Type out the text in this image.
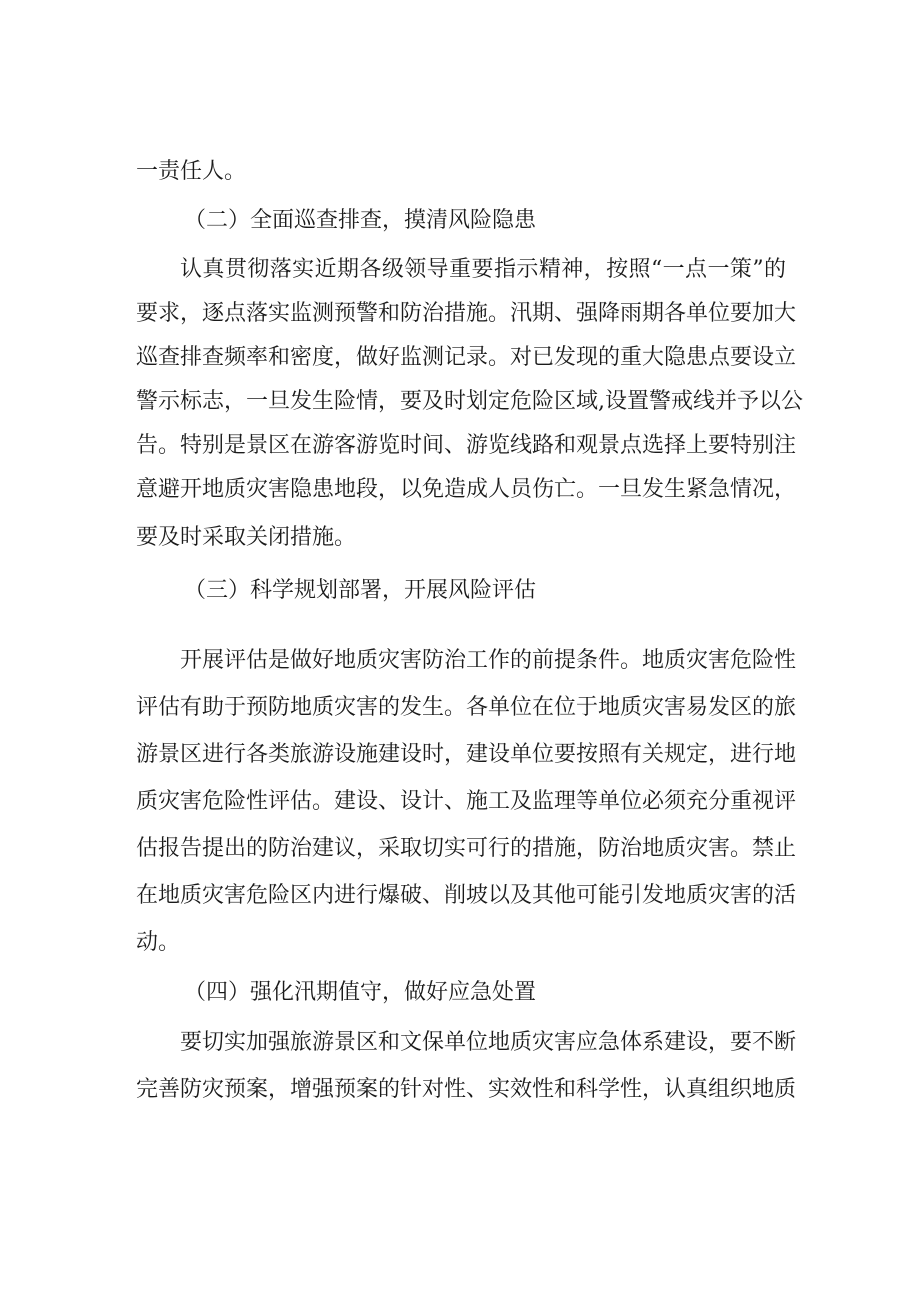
一责任人。
（二）全面巡查排查，摸清风险隐患
认真贯彻落实近期各级领导重要指示精神，按照“一点一策”的
要求，逐点落实监测预警和防治措施。汛期、强降雨期各单位要加大
巡查排查频率和密度，做好监测记录。对已发现的重大隐患点要设立
警示标志，一旦发生险情，要及时划定危险区域,设置警戒线并予以公
告。特别是景区在游客游览时间、游览线路和观景点选择上要特别注
意避开地质灾害隐患地段，以免造成人员伤亡。一旦发生紧急情况，
要及时采取关闭措施。
（三）科学规划部署，开展风险评估
开展评估是做好地质灾害防治工作的前提条件。地质灾害危险性
评估有助于预防地质灾害的发生。各单位在位于地质灾害易发区的旅
游景区进行各类旅游设施建设时，建设单位要按照有关规定，进行地
质灾害危险性评估。建设、设计、施工及监理等单位必须充分重视评
估报告提出的防治建议，采取切实可行的措施，防治地质灾害。禁止
在地质灾害危险区内进行爆破、削坡以及其他可能引发地质灾害的活
动。
（四）强化汛期值守，做好应急处置
要切实加强旅游景区和文保单位地质灾害应急体系建设，要不断
完善防灾预案，增强预案的针对性、实效性和科学性，认真组织地质
